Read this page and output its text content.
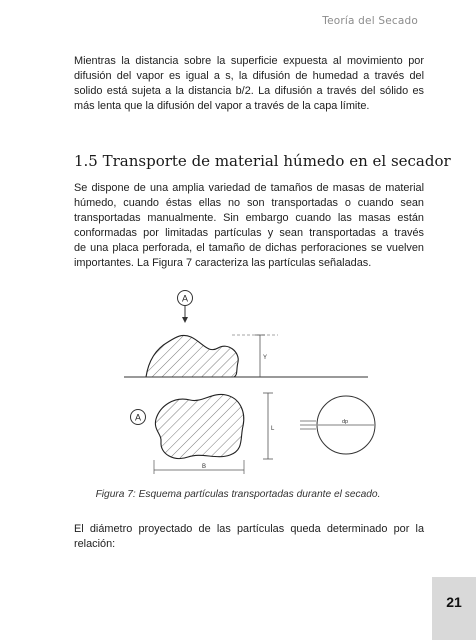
Teoría del Secado
Mientras la distancia sobre la superficie expuesta al movimiento por
difusión del vapor es igual a s, la difusión de humedad a través del
solido está sujeta a la distancia b/2. La difusión a través del sólido es
más lenta que la difusión del vapor a través de la capa límite.
1.5 Transporte de material húmedo en el secador
Se dispone de una amplia variedad de tamaños de masas de material
húmedo, cuando éstas ellas no son transportadas o cuando sean
transportadas manualmente. Sin embargo cuando las masas están
conformadas por limitadas partículas y sean transportadas a través
de una placa perforada, el tamaño de dichas perforaciones se vuelven
importantes. La Figura 7 caracteriza las partículas señaladas.
A
Y
A
L
B
dp
Figura 7: Esquema partículas transportadas durante el secado.
El diámetro proyectado de las partículas queda determinado por la
relación:
21
